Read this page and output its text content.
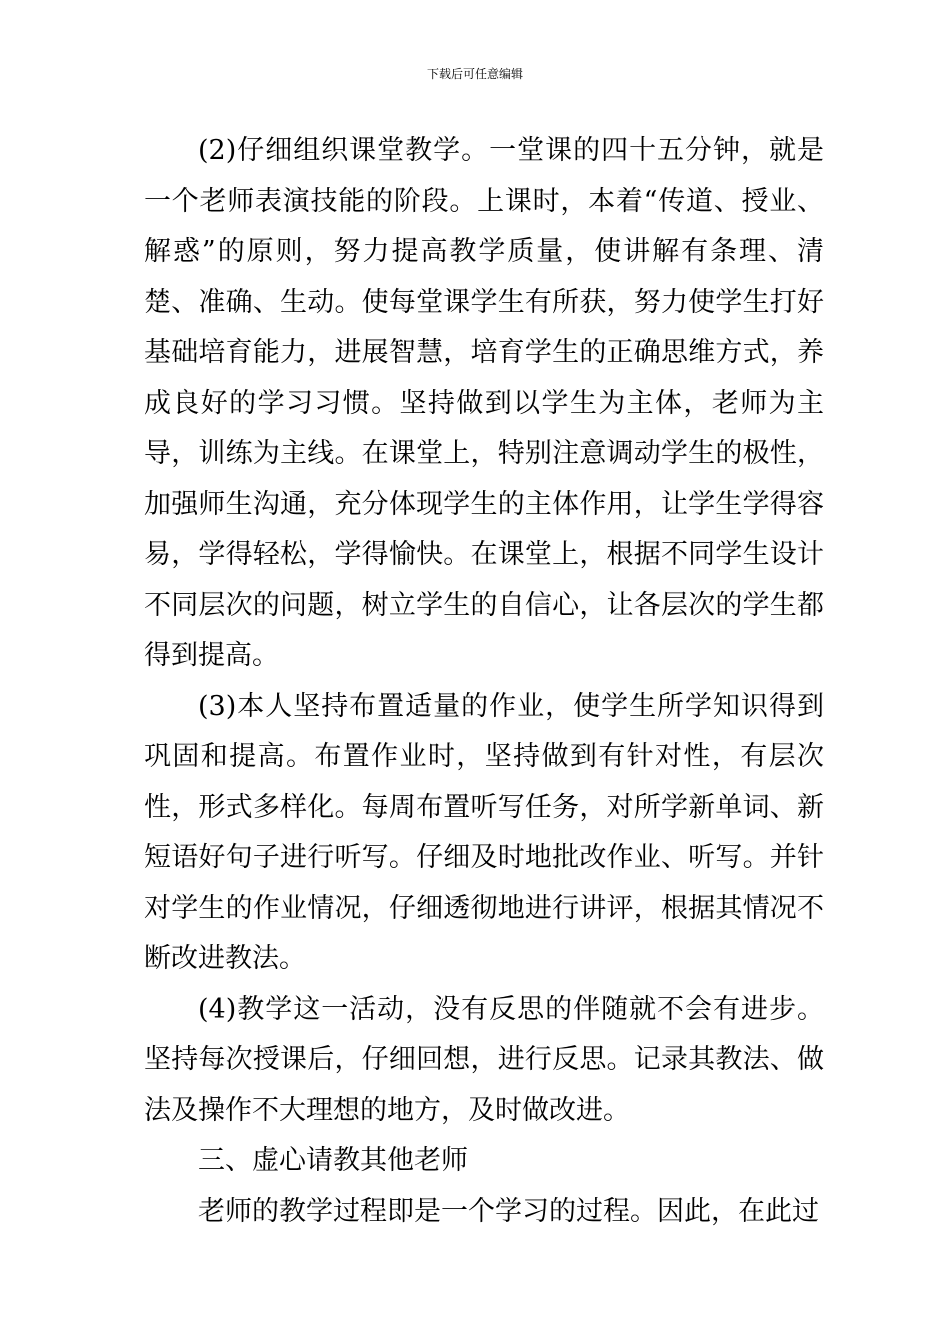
下载后可任意编辑

(2)仔细组织课堂教学。一堂课的四十五分钟，就是一个老师表演技能的阶段。上课时，本着“传道、授业、解惑”的原则，努力提高教学质量，使讲解有条理、清楚、准确、生动。使每堂课学生有所获，努力使学生打好基础培育能力，进展智慧，培育学生的正确思维方式，养成良好的学习习惯。坚持做到以学生为主体，老师为主导，训练为主线。在课堂上，特别注意调动学生的极性，加强师生沟通，充分体现学生的主体作用，让学生学得容易，学得轻松，学得愉快。在课堂上，根据不同学生设计不同层次的问题，树立学生的自信心，让各层次的学生都得到提高。

(3)本人坚持布置适量的作业，使学生所学知识得到巩固和提高。布置作业时，坚持做到有针对性，有层次性，形式多样化。每周布置听写任务，对所学新单词、新短语好句子进行听写。仔细及时地批改作业、听写。并针对学生的作业情况，仔细透彻地进行讲评，根据其情况不断改进教法。

(4)教学这一活动，没有反思的伴随就不会有进步。坚持每次授课后，仔细回想，进行反思。记录其教法、做法及操作不大理想的地方，及时做改进。

三、虚心请教其他老师

老师的教学过程即是一个学习的过程。因此，在此过
